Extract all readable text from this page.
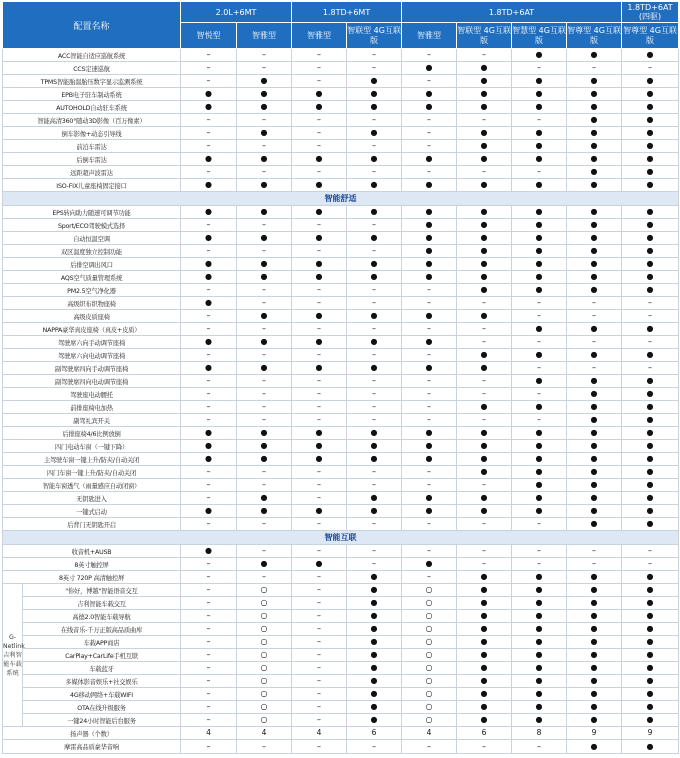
配置名称		2.0L+6MT		1.8TD+6MT		1.8TD+6AT				1.8TD+6AT (四驱)
		智悦型	智雅型	智雅型	智联型 4G互联版	智雅型	智联型 4G互联版	智慧型 4G互联版	智尊型 4G互联版	智尊型 4G互联版
ACC智能自适应巡航系统		–	–	–	–	–	–	●	●	●
CCS定速巡航		–	–	–	–	●	●	–	–	–
TPMS智能胎温胎压数字显示监测系统		–	●	–	●	–	●	●	●	●
EPB电子驻车制动系统		●	●	●	●	●	●	●	●	●
AUTOHOLD自动驻车系统		●	●	●	●	●	●	●	●	●
智能高清360°随动3D影像（百万像素）		–	–	–	–	–	–	–	●	●
倒车影像+动态引导线		–	●	–	●	–	●	●	●	●
前泊车雷达		–	–	–	–	–	●	●	●	●
后倒车雷达		●	●	●	●	●	●	●	●	●
远距超声波雷达		–	–	–	–	–	–	–	●	●
ISO-FIX儿童座椅固定接口		●	●	●	●	●	●	●	●	●
智能舒适										
EPS转向助力随速可调节功能		●	●	●	●	●	●	●	●	●
Sport/ECO驾驶模式选择		–	–	–	–	●	●	●	●	●
自动恒温空调		●	●	●	●	●	●	●	●	●
双区温度独立控制功能		–	–	–	–	●	●	●	●	●
后排空调出风口		●	●	●	●	●	●	●	●	●
AQS空气质量管理系统		●	●	●	●	●	●	●	●	●
PM2.5空气净化器		–	–	–	–	–	●	●	●	●
高级织布织物座椅		●	–	–	–	–	–	–	–	–
高级皮质座椅		–	●	●	●	●	●	–	–	–
NAPPA豪华真皮座椅（真皮+皮质）		–	–	–	–	–	–	●	●	●
驾驶席六向手动调节座椅		●	●	●	●	●	–	–	–	–
驾驶席六向电动调节座椅		–	–	–	–	–	●	●	●	●
副驾驶席四向手动调节座椅		●	●	●	●	●	●	–	–	–
副驾驶席四向电动调节座椅		–	–	–	–	–	–	●	●	●
驾驶座电动腰托		–	–	–	–	–	–	–	●	●
前排座椅电加热		–	–	–	–	–	●	●	●	●
副驾礼宾开关		–	–	–	–	–	–	–	●	●
后排座椅4/6比例放倒		●	●	●	●	●	●	●	●	●
四门电动车窗（一键下降）		●	●	●	●	●	●	●	●	●
主驾驶车窗一键上升/防夹/自动关闭		●	●	●	●	●	●	●	●	●
四门车窗一键上升/防夹/自动关闭		–	–	–	–	–	●	●	●	●
智能车窗透气（雨量感应自动闭窗）		–	–	–	–	–	–	●	●	●
无钥匙进入		–	●	–	●	●	●	●	●	●
一键式启动		●	●	●	●	●	●	●	●	●
后背门无钥匙开启		–	–	–	–	–	–	–	●	●
智能互联										
收音机+AUSB		●	–	–	–	–	–	–	–	–
8英寸触控屏		–	●	●	–	●	–	–	–	–
8英寸 720P 高清触控屏		–	–	–	●	–	●	●	●	●
G-Netlink 吉利智能车载系统	"你好，博越"智能语音交互	–	○	–	●	○	●	●	●	●
	吉利智能车载交互	–	○	–	●	○	●	●	●	●
	高德2.0智能车载导航	–	○	–	●	○	●	●	●	●
	在线音乐-千万正版高品质曲库	–	○	–	●	○	●	●	●	●
	车载APP商店	–	○	–	●	○	●	●	●	●
	CarPlay+CarLife手机互联	–	○	–	●	○	●	●	●	●
	车载蓝牙	–	○	–	●	○	●	●	●	●
	多媒体影音娱乐+社交娱乐	–	○	–	●	○	●	●	●	●
	4G移动网络+车载WIFI	–	○	–	●	○	●	●	●	●
	OTA在线升级服务	–	○	–	●	○	●	●	●	●
	一键24小时智能后台服务	–	○	–	●	○	●	●	●	●
扬声器（个数）		4	4	4	6	4	6	8	9	9
摩雷高品质豪华音响		–	–	–	–	–	–	–	●	●
